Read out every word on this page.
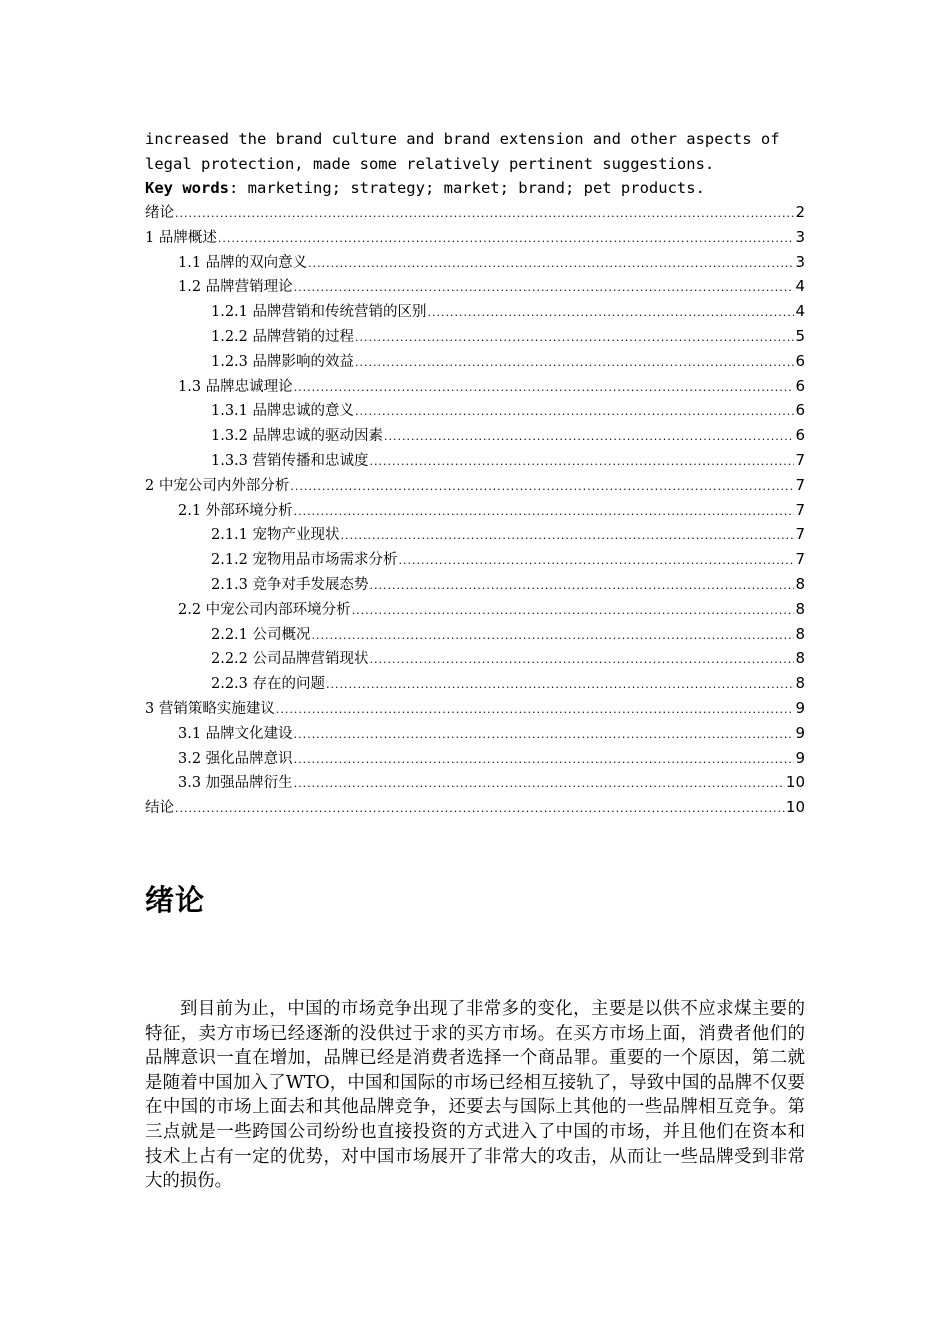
increased the brand culture and brand extension and other aspects of
legal protection, made some relatively pertinent suggestions.
Key words: marketing; strategy; market; brand; pet products.
绪论 .....	2
1 品牌概述 .....	3
1.1 品牌的双向意义 .....	3
1.2 品牌营销理论 .....	4
1.2.1 品牌营销和传统营销的区别 .....	4
1.2.2 品牌营销的过程 .....	5
1.2.3 品牌影响的效益 .....	6
1.3 品牌忠诚理论 .....	6
1.3.1 品牌忠诚的意义 .....	6
1.3.2 品牌忠诚的驱动因素 .....	6
1.3.3 营销传播和忠诚度 .....	7
2 中宠公司内外部分析 .....	7
2.1 外部环境分析 .....	7
2.1.1 宠物产业现状 .....	7
2.1.2 宠物用品市场需求分析 .....	7
2.1.3 竞争对手发展态势 .....	8
2.2 中宠公司内部环境分析 .....	8
2.2.1 公司概况 .....	8
2.2.2 公司品牌营销现状 .....	8
2.2.3 存在的问题 .....	8
3 营销策略实施建议 .....	9
3.1 品牌文化建设 .....	9
3.2 强化品牌意识 .....	9
3.3 加强品牌衍生 .....	10
结论 .....	10
绪论

到目前为止，中国的市场竞争出现了非常多的变化，主要是以供不应求煤主要的特征，卖方市场已经逐渐的没供过于求的买方市场。在买方市场上面，消费者他们的品牌意识一直在增加，品牌已经是消费者选择一个商品罪。重要的一个原因，第二就是随着中国加入了WTO，中国和国际的市场已经相互接轨了，导致中国的品牌不仅要在中国的市场上面去和其他品牌竞争，还要去与国际上其他的一些品牌相互竞争。第三点就是一些跨国公司纷纷也直接投资的方式进入了中国的市场，并且他们在资本和技术上占有一定的优势，对中国市场展开了非常大的攻击，从而让一些品牌受到非常大的损伤。
